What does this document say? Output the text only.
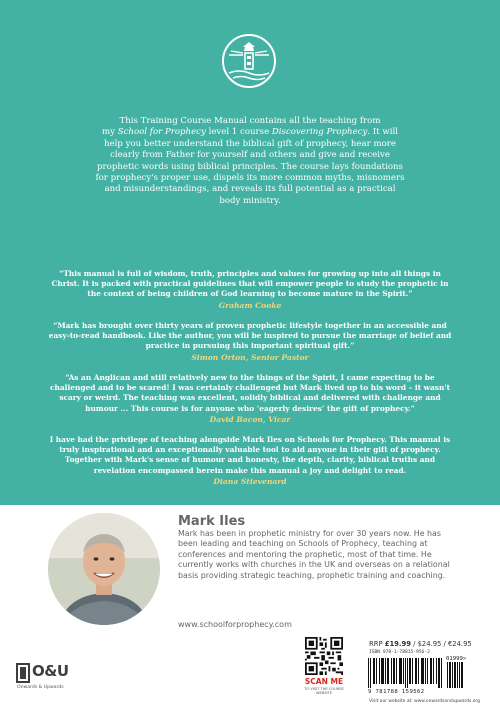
This Training Course Manual contains all the teaching from
my School for Prophecy level 1 course Discovering Prophecy. It will help you better understand the biblical gift of prophecy, hear more clearly from Father for yourself and others and give and receive prophetic words using biblical principles. The course lays foundations for prophecy's proper use, dispels its more common myths, misnomers and misunderstandings, and reveals its full potential as a practical body ministry.

“This manual is full of wisdom, truth, principles and values for growing up into all things in Christ. It is packed with practical guidelines that will empower people to study the prophetic in the context of being children of God learning to become mature in the Spirit.”
Graham Cooke
“Mark has brought over thirty years of proven prophetic lifestyle together in an accessible and easy-to-read handbook. Like the author, you will be inspired to pursue the marriage of belief and practice in pursuing this important spiritual gift.”
Simon Orton, Senior Pastor
“As an Anglican and still relatively new to the things of the Spirit, I came expecting to be challenged and to be scared! I was certainly challenged but Mark lived up to his word – it wasn't scary or weird. The teaching was excellent, solidly biblical and delivered with challenge and humour ... This course is for anyone who ‘eagerly desires’ the gift of prophecy.”
David Bacon, Vicar
I have had the privilege of teaching alongside Mark Iles on Schools for Prophecy. This manual is truly inspirational and an exceptionally valuable tool to aid anyone in their gift of prophecy. Together with Mark's sense of humour and honesty, the depth, clarity, biblical truths and revelation encompassed herein make this manual a joy and delight to read.
Diana Stievenard
Mark Iles

Mark has been in prophetic ministry for over 30 years now. He has been leading and teaching on Schools of Prophecy, teaching at conferences and mentoring the prophetic, most of that time. He currently works with churches in the UK and overseas on a relational basis providing strategic teaching, prophetic training and coaching.

www.schoolforprophecy.com
O&U
Onwards & Upwards
SCAN ME
TO VISIT THE COURSE WEBSITE
RRP £19.99 / $24.95 / €24.95
ISBN 978-1-78815-956-2
01999>
9 781788 159562
Visit our website at: www.onwardsandupwards.org
